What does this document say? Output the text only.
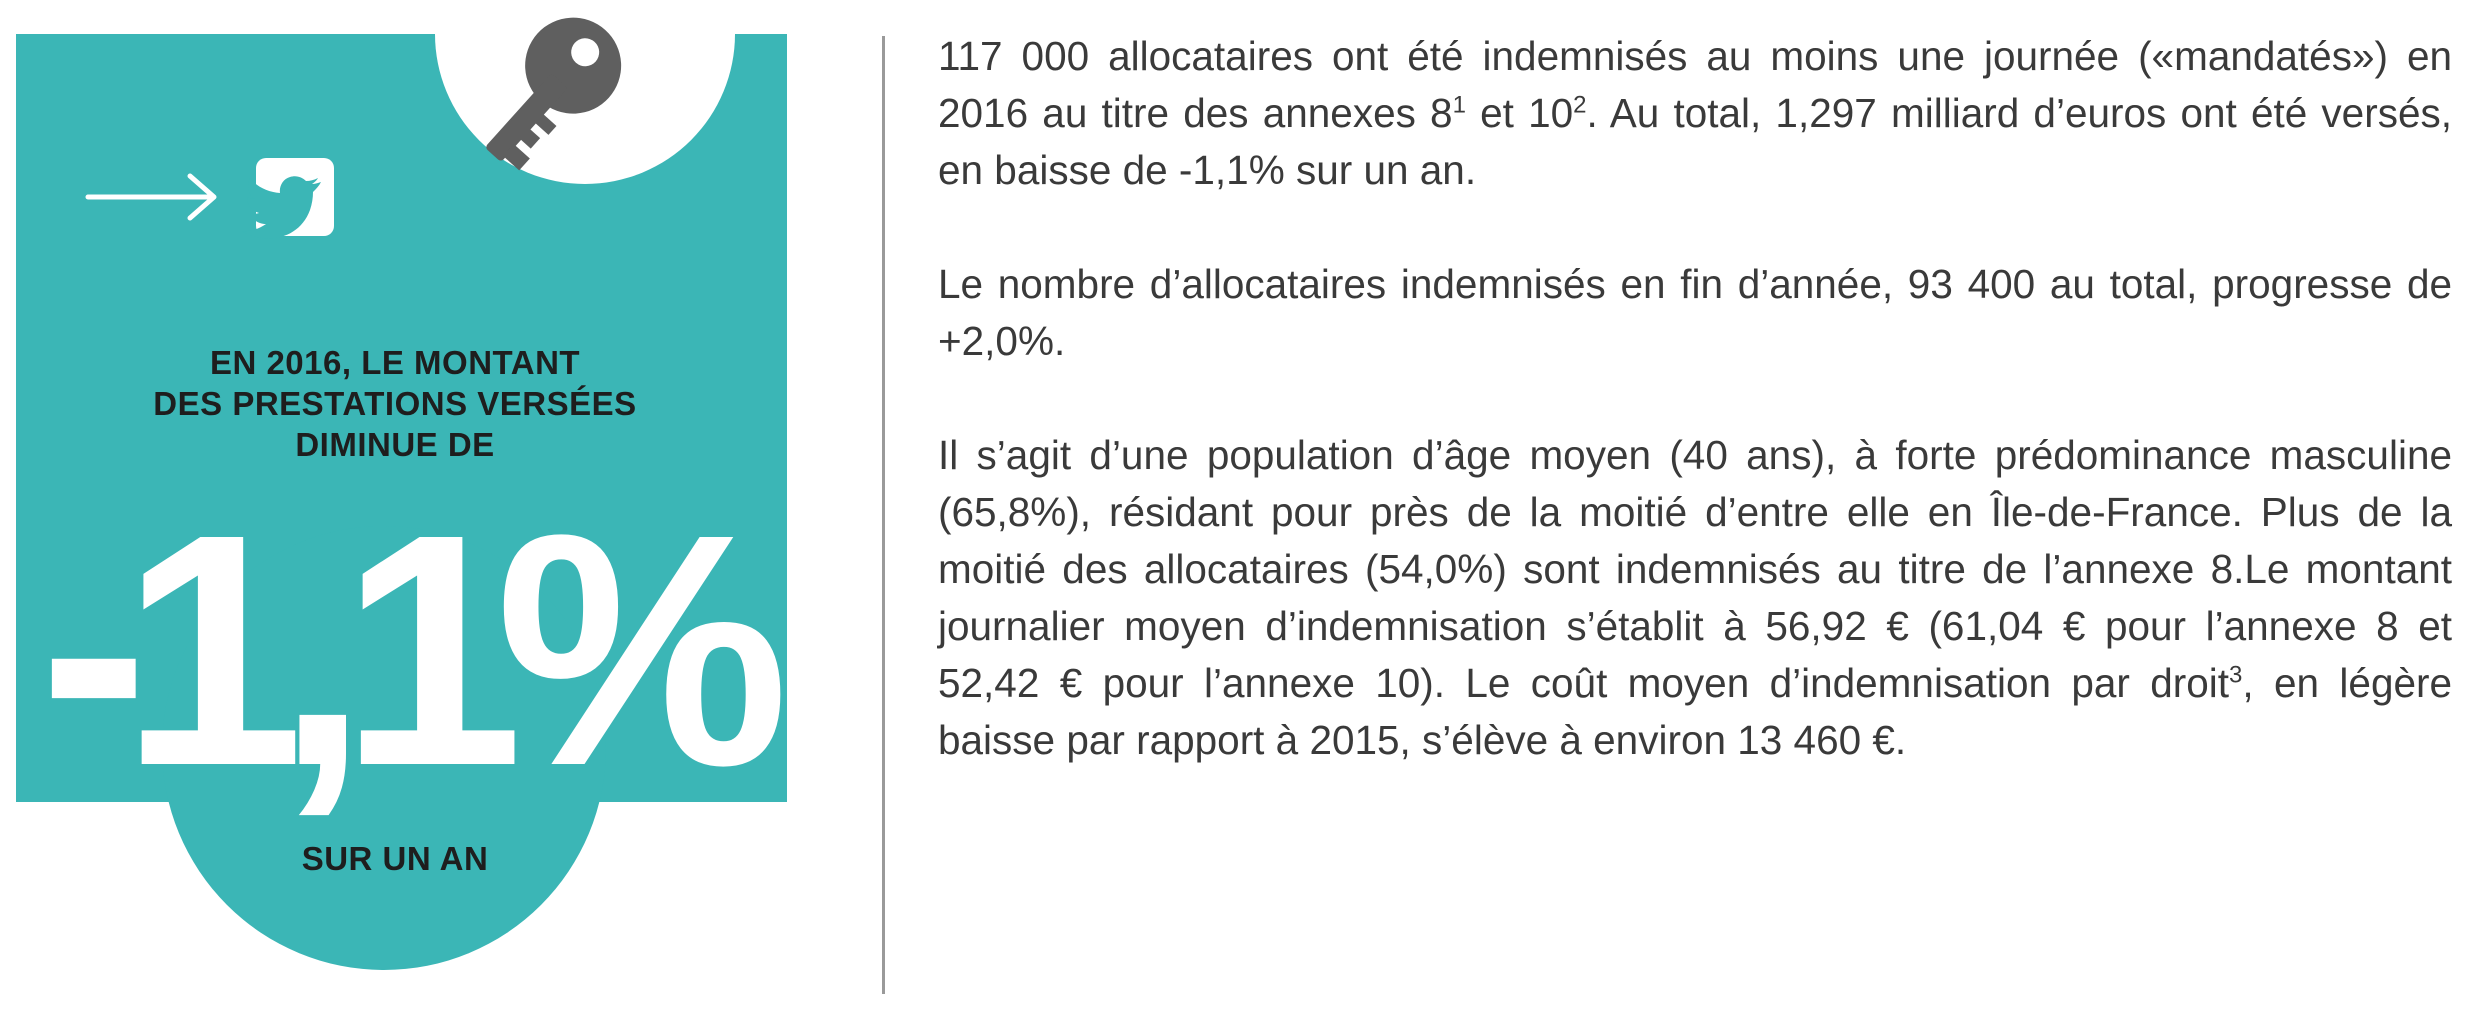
EN 2016, LE MONTANT
DES PRESTATIONS VERSÉES
DIMINUE DE
-1,1%
SUR UN AN

117 000 allocataires ont été indemnisés au moins une journée («mandatés») en 2016 au titre des annexes $8^1$ et $10^2$. Au total, 1,297 milliard d’euros ont été versés, en baisse de -1,1% sur un an.

Le nombre d’allocataires indemnisés en fin d’année, 93 400 au total, progresse de +2,0%.

Il s’agit d’une population d’âge moyen (40 ans), à forte prédominance masculine (65,8%), résidant pour près de la moitié d’entre elle en Île-de-France. Plus de la moitié des allocataires (54,0%) sont indemnisés au titre de l’annexe 8.Le montant journalier moyen d’indemnisation s’établit à 56,92 € (61,04 € pour l’annexe 8 et 52,42 € pour l’annexe 10). Le coût moyen d’indemnisation par droit$^3$, en légère baisse par rapport à 2015, s’élève à environ 13 460 €.
